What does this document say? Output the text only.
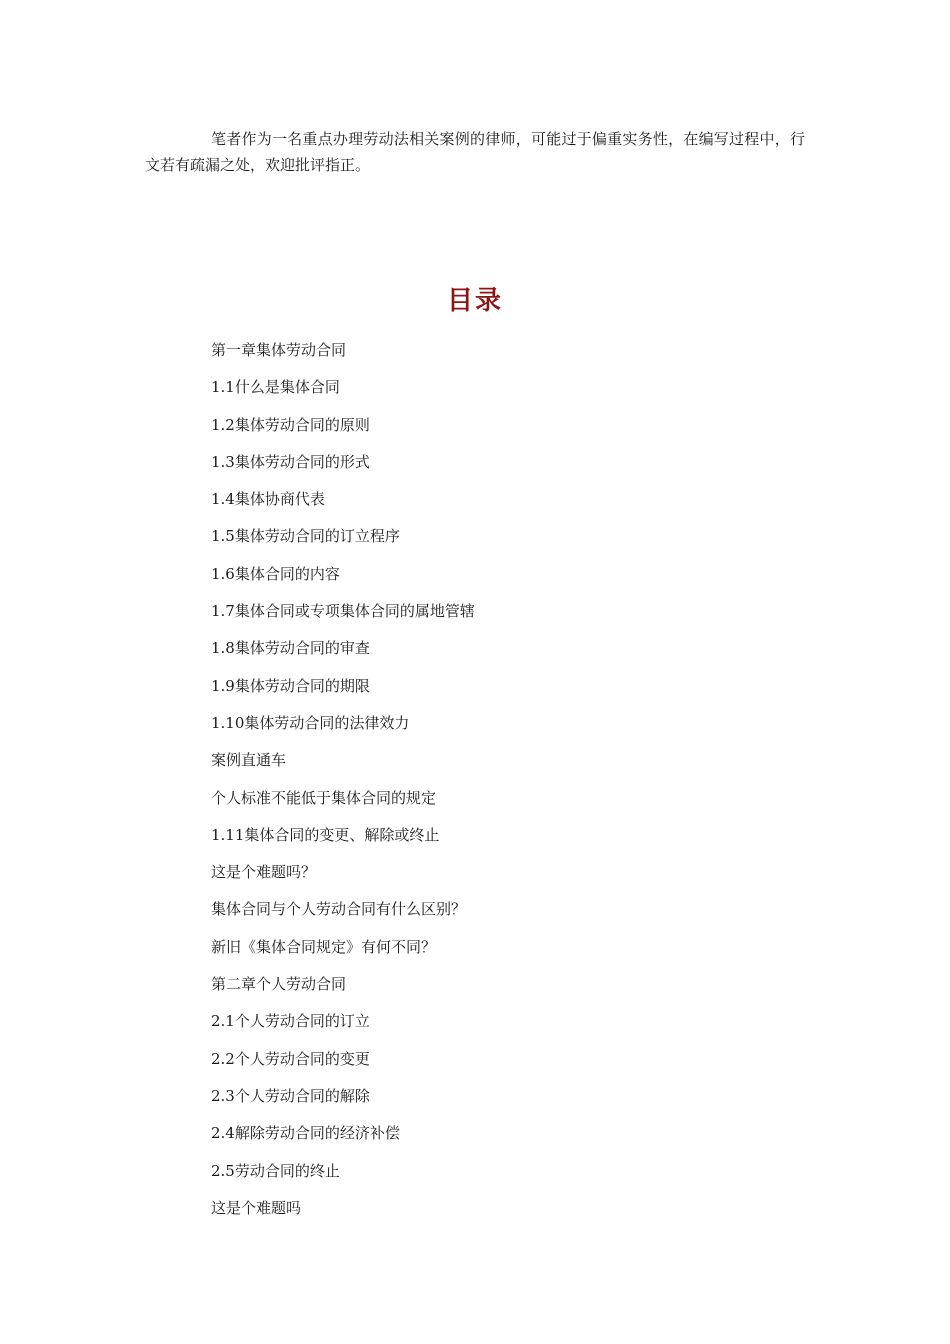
笔者作为一名重点办理劳动法相关案例的律师，可能过于偏重实务性，在编写过程中，行文若有疏漏之处，欢迎批评指正。

目录
第一章集体劳动合同
1.1什么是集体合同
1.2集体劳动合同的原则
1.3集体劳动合同的形式
1.4集体协商代表
1.5集体劳动合同的订立程序
1.6集体合同的内容
1.7集体合同或专项集体合同的属地管辖
1.8集体劳动合同的审查
1.9集体劳动合同的期限
1.10集体劳动合同的法律效力
案例直通车
个人标准不能低于集体合同的规定
1.11集体合同的变更、解除或终止
这是个难题吗？
集体合同与个人劳动合同有什么区别？
新旧《集体合同规定》有何不同？
第二章个人劳动合同
2.1个人劳动合同的订立
2.2个人劳动合同的变更
2.3个人劳动合同的解除
2.4解除劳动合同的经济补偿
2.5劳动合同的终止
这是个难题吗
